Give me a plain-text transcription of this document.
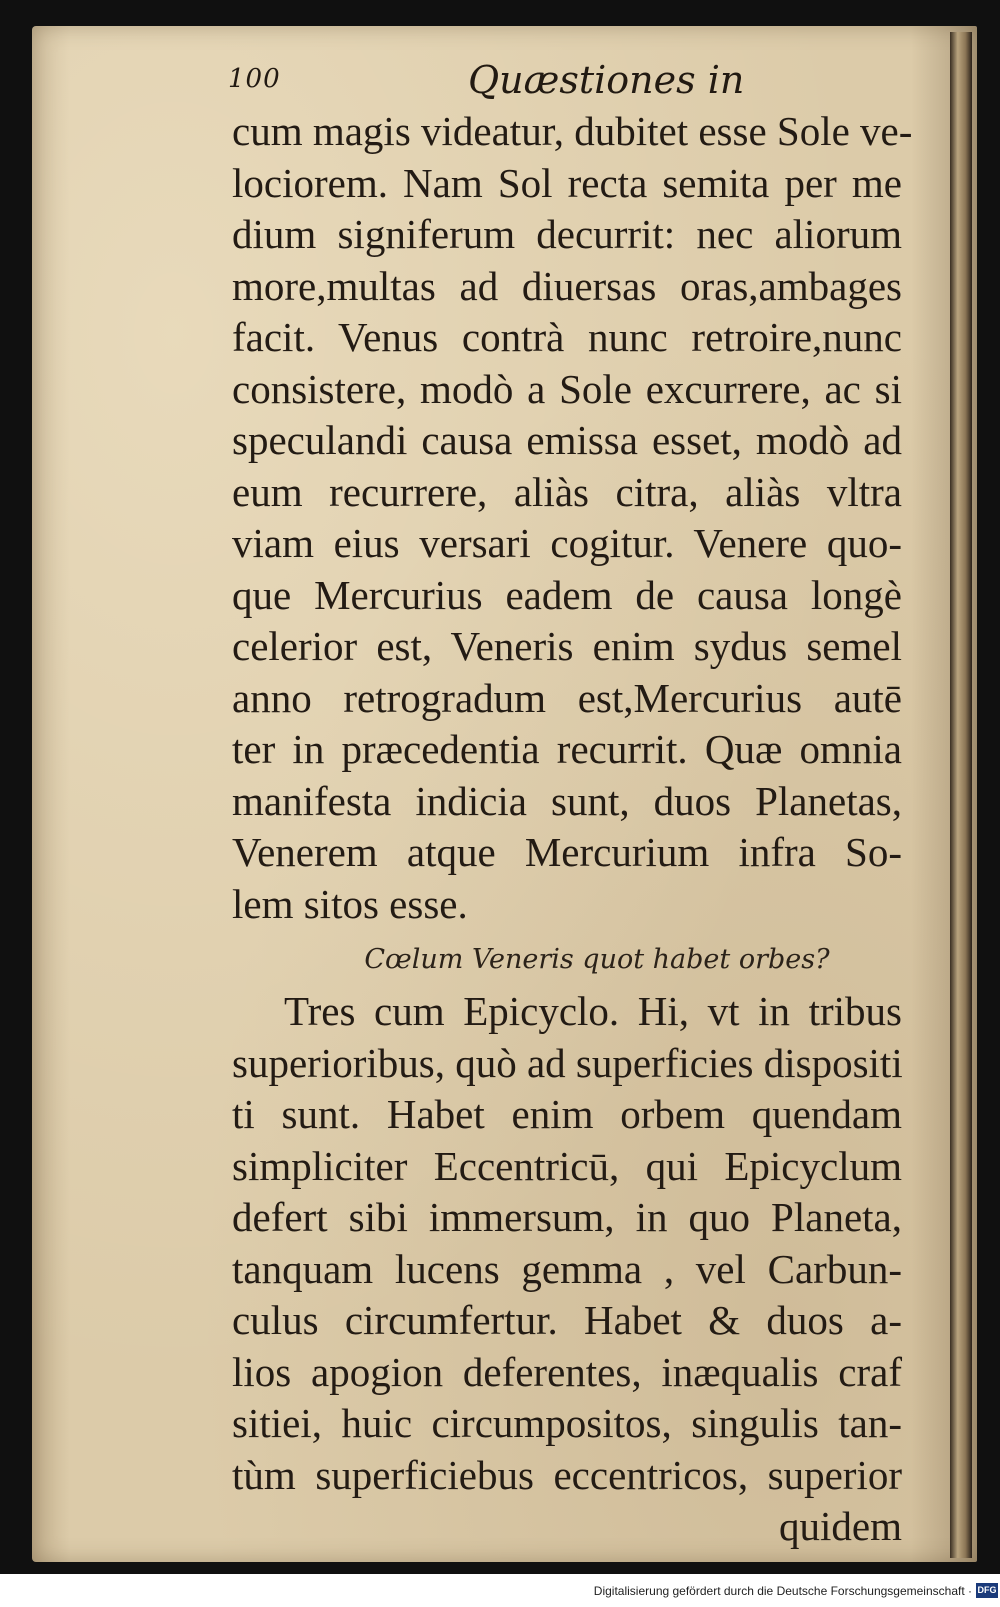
100	Quæstiones in
cum magis videatur, dubitet esse Sole ve-
lociorem. Nam Sol recta semita per me
dium signiferum decurrit: nec aliorum
more,multas ad diuersas oras,ambages
facit. Venus contrà nunc retroire,nunc
consistere, modò a Sole excurrere, ac si
speculandi causa emissa esset, modò ad
eum recurrere, aliàs citra, aliàs vltra
viam eius versari cogitur. Venere quo-
que Mercurius eadem de causa longè
celerior est, Veneris enim sydus semel
anno retrogradum est,Mercurius autē
ter in præcedentia recurrit. Quæ omnia
manifesta indicia sunt, duos Planetas,
Venerem atque Mercurium infra So-
lem sitos esse.
Cœlum Veneris quot habet orbes?
Tres cum Epicyclo. Hi, vt in tribus
superioribus, quò ad superficies dispositi
ti sunt. Habet enim orbem quendam
simpliciter Eccentricū, qui Epicyclum
defert sibi immersum, in quo Planeta,
tanquam lucens gemma , vel Carbun-
culus circumfertur. Habet & duos a-
lios apogion deferentes, inæqualis craf
sitiei, huic circumpositos, singulis tan-
tùm superficiebus eccentricos, superior
quidem
Digitalisierung gefördert durch die Deutsche Forschungsgemeinschaft · DFG
